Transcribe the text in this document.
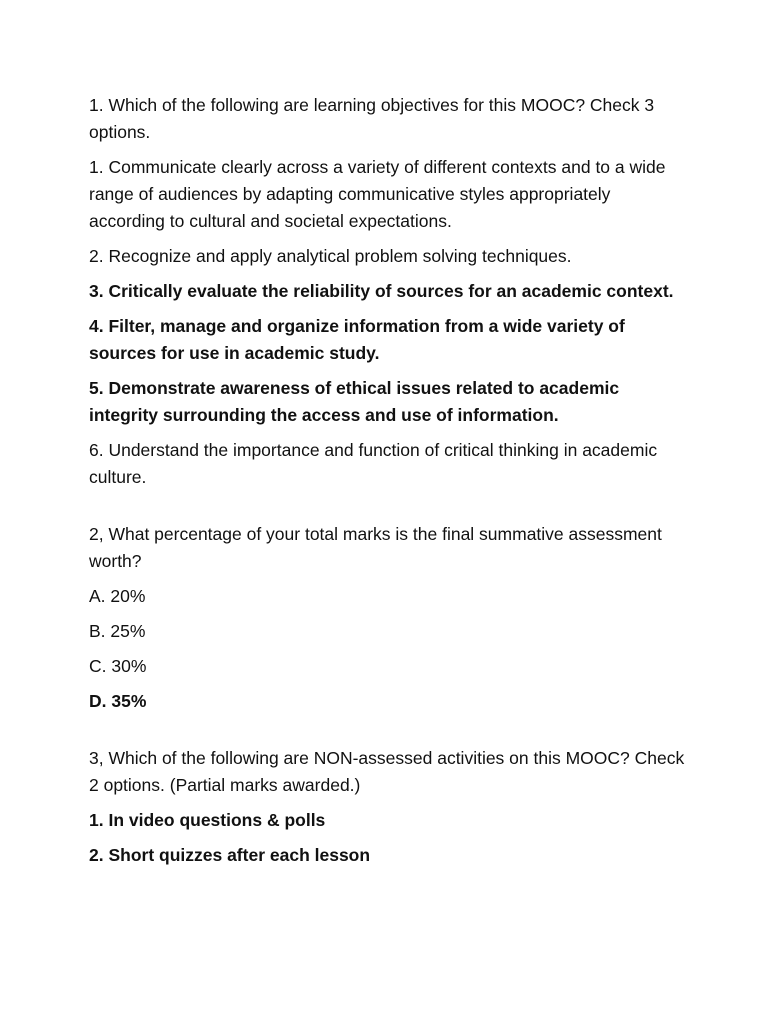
1. Which of the following are learning objectives for this MOOC? Check 3 options.

1. Communicate clearly across a variety of different contexts and to a wide range of audiences by adapting communicative styles appropriately according to cultural and societal expectations.

2. Recognize and apply analytical problem solving techniques.

3. Critically evaluate the reliability of sources for an academic context.

4. Filter, manage and organize information from a wide variety of sources for use in academic study.

5. Demonstrate awareness of ethical issues related to academic integrity surrounding the access and use of information.

6. Understand the importance and function of critical thinking in academic culture.

2, What percentage of your total marks is the final summative assessment worth?

A. 20%

B. 25%

C. 30%

D. 35%

3, Which of the following are NON-assessed activities on this MOOC? Check 2 options. (Partial marks awarded.)

1. In video questions & polls

2. Short quizzes after each lesson
